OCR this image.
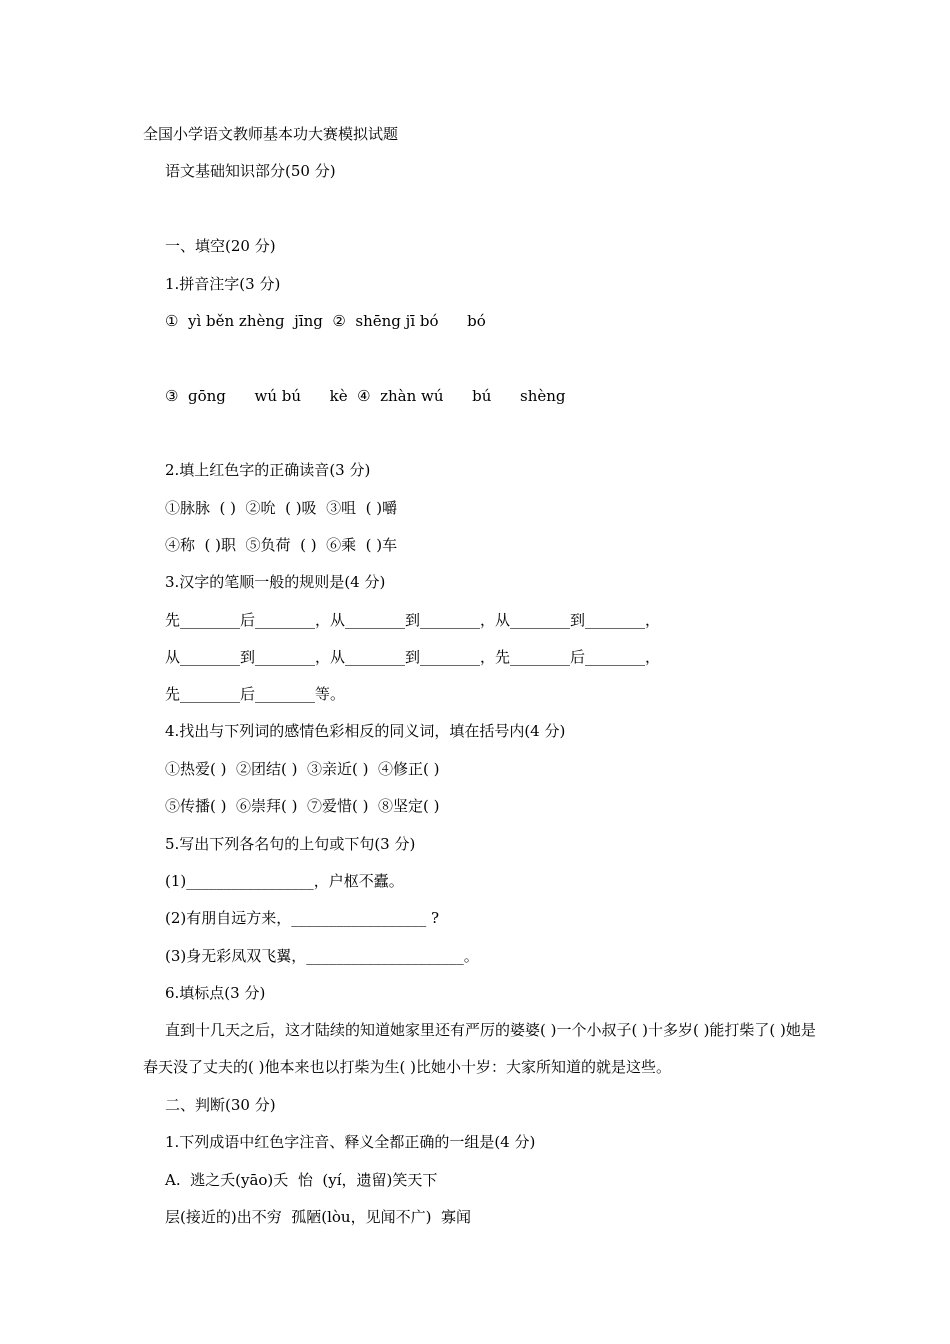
全国小学语文教师基本功大赛模拟试题

语文基础知识部分(50 分)

一、填空(20 分)

1.拼音注字(3 分)

①  yì běn zhènɡ  jīng  ②  shēng jī bó      bó

③  ɡōng      wú bú      kè  ④  zhàn wú      bú      shèng

2.填上红色字的正确读音(3 分)

①脉脉  ( )  ②吮  ( )吸  ③咀  ( )嚼

④称  ( )职  ⑤负荷  ( )  ⑥乘  ( )车

3.汉字的笔顺一般的规则是(4 分)

先________后________，从________到________，从________到________，

从________到________，从________到________，先________后________，

先________后________等。

4.找出与下列词的感情色彩相反的同义词，填在括号内(4 分)

①热爱( )  ②团结( )  ③亲近( )  ④修正( )

⑤传播( )  ⑥崇拜( )  ⑦爱惜( )  ⑧坚定( )

5.写出下列各名句的上句或下句(3 分)

(1)_________________，户枢不蠹。

(2)有朋自远方来，__________________ ?

(3)身无彩凤双飞翼，_____________________。

6.填标点(3 分)

直到十几天之后，这才陆续的知道她家里还有严厉的婆婆( )一个小叔子( )十多岁( )能打柴了( )她是春天没了丈夫的( )他本来也以打柴为生( )比她小十岁：大家所知道的就是这些。

二、判断(30 分)

1.下列成语中红色字注音、释义全都正确的一组是(4 分)

A.  逃之夭(yāo)夭  怡  (yí，遗留)笑天下

层(接近的)出不穷  孤陋(lòu，见闻不广)  寡闻
